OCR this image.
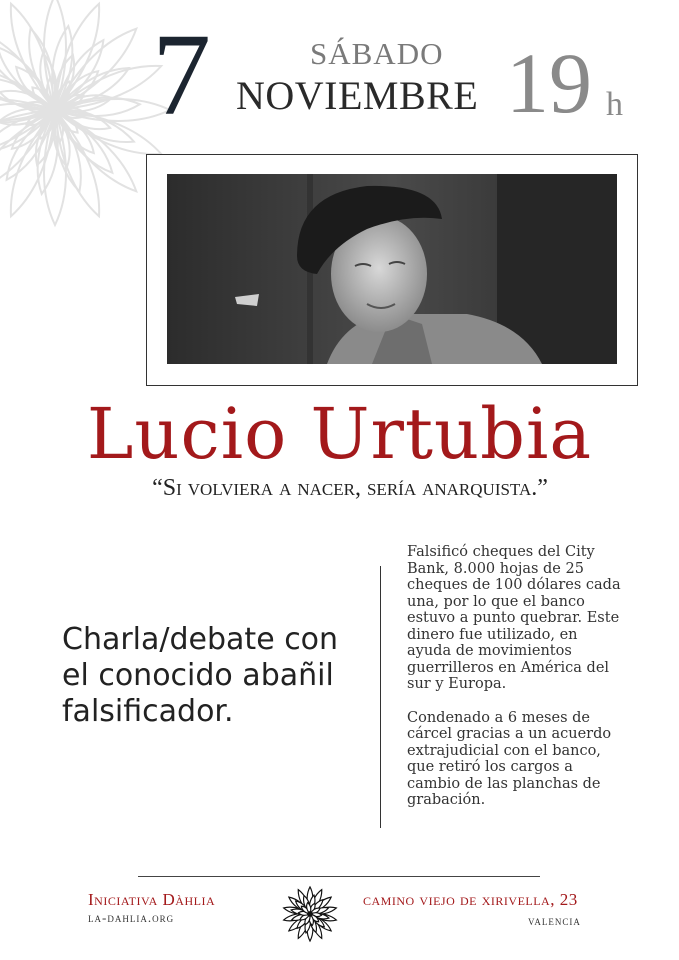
7	SÁBADO
NOVIEMBRE 19 h
Lucio Urtubia
“Si volviera a nacer, sería anarquista.”
Charla/debate con el conocido abañil falsificador.

Falsificó cheques del City Bank, 8.000 hojas de 25 cheques de 100 dólares cada una, por lo que el banco estuvo a punto quebrar. Este dinero fue utilizado, en ayuda de movimientos guerrilleros en América del sur y Europa.

Condenado a 6 meses de cárcel gracias a un acuerdo extrajudicial con el banco, que retiró los cargos a cambio de las planchas de grabación.

Iniciativa Dàhlia
la-dahlia.org
camino viejo de xirivella, 23
valencia
